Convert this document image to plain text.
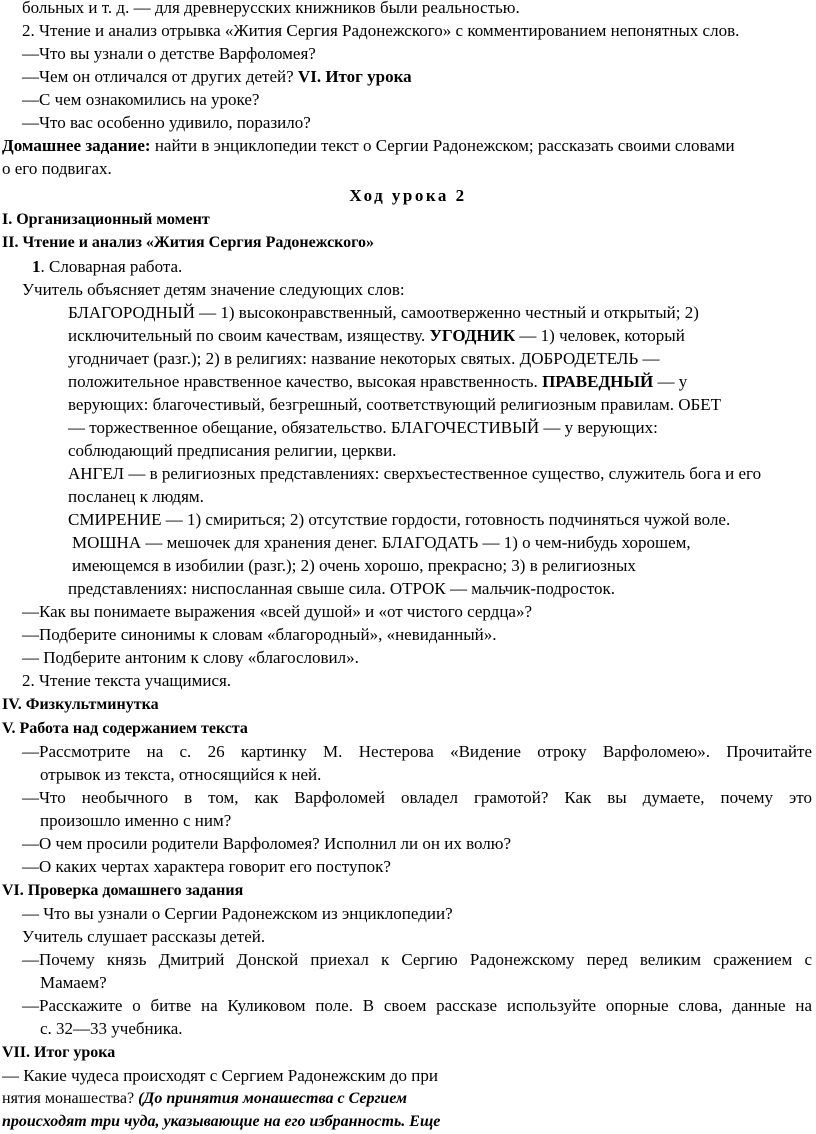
больных и т. д. — для древнерусских книжников были реальностью.
2. Чтение и анализ отрывка «Жития Сергия Радонежского» с комментированием непонятных слов.
—Что вы узнали о детстве Варфоломея?
—Чем он отличался от других детей? VI. Итог урока
—С чем ознакомились на уроке?
—Что вас особенно удивило, поразило?
Домашнее задание: найти в энциклопедии текст о Сергии Радонежском; рассказать своими словами
о его подвигах.
Ход урока 2
I. Организационный момент
II. Чтение и анализ «Жития Сергия Радонежского»
1. Словарная работа.
Учитель объясняет детям значение следующих слов:
БЛАГОРОДНЫЙ — 1) высоконравственный, самоотверженно честный и открытый; 2)
исключительный по своим качествам, изяществу. УГОДНИК — 1) человек, который
угодничает (разг.); 2) в религиях: название некоторых святых. ДОБРОДЕТЕЛЬ —
положительное нравственное качество, высокая нравственность. ПРАВЕДНЫЙ — у
верующих: благочестивый, безгрешный, соответствующий религиозным правилам. ОБЕТ
— торжественное обещание, обязательство. БЛАГОЧЕСТИВЫЙ — у верующих:
соблюдающий предписания религии, церкви.
АНГЕЛ — в религиозных представлениях: сверхъестественное существо, служитель бога и его
посланец к людям.
СМИРЕНИЕ — 1) смириться; 2) отсутствие гордости, готовность подчиняться чужой воле.
МОШНА — мешочек для хранения денег. БЛАГОДАТЬ — 1) о чем-нибудь хорошем,
имеющемся в изобилии (разг.); 2) очень хорошо, прекрасно; 3) в религиозных
представлениях: ниспосланная свыше сила. ОТРОК — мальчик-подросток.
—Как вы понимаете выражения «всей душой» и «от чистого сердца»?
—Подберите синонимы к словам «благородный», «невиданный».
— Подберите антоним к слову «благословил».
2. Чтение текста учащимися.
IV. Физкультминутка
V. Работа над содержанием текста
—Рассмотрите на с. 26 картинку М. Нестерова «Видение отроку Варфоломею». Прочитайте
отрывок из текста, относящийся к ней.
—Что необычного в том, как Варфоломей овладел грамотой? Как вы думаете, почему это
произошло именно с ним?
—О чем просили родители Варфоломея? Исполнил ли он их волю?
—О каких чертах характера говорит его поступок?
VI. Проверка домашнего задания
— Что вы узнали о Сергии Радонежском из энциклопедии?
Учитель слушает рассказы детей.
—Почему князь Дмитрий Донской приехал к Сергию Радонежскому перед великим сражением с
Мамаем?
—Расскажите о битве на Куликовом поле. В своем рассказе используйте опорные слова, данные на
с. 32—33 учебника.
VII. Итог урока
— Какие чудеса происходят с Сергием Радонежским до при
нятия монашества? (До принятия монашества с Сергием
происходят три чуда, указывающие на его избранность. Еще
